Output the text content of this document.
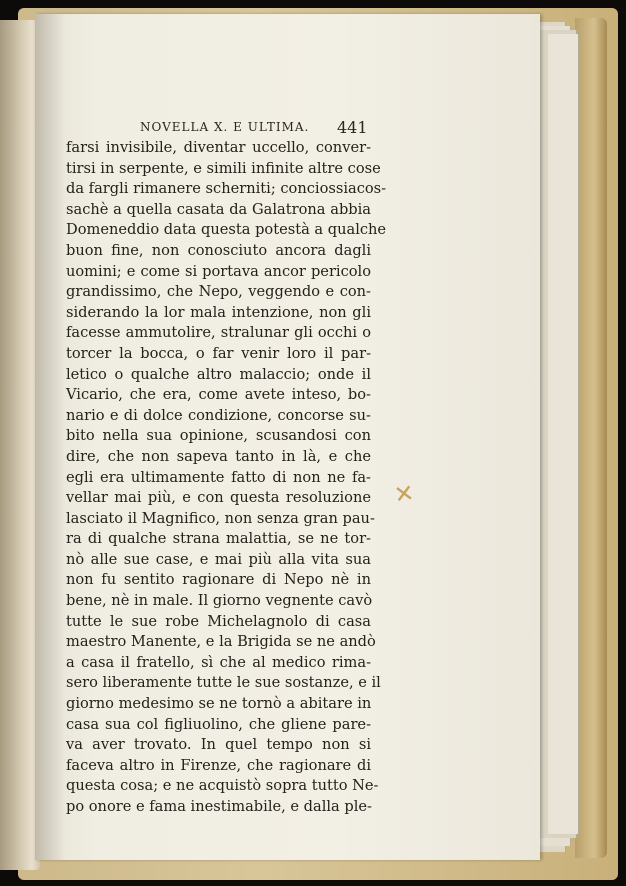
NOVELLA X. E ULTIMA.	441
farsi invisibile, diventar uccello, conver-
tirsi in serpente, e simili infinite altre cose
da fargli rimanere scherniti; conciossiacos-
sachè a quella casata da Galatrona abbia
Domeneddio data questa potestà a qualche
buon fine, non conosciuto ancora dagli
uomini; e come si portava ancor pericolo
grandissimo, che Nepo, veggendo e con-
siderando la lor mala intenzione, non gli
facesse ammutolire, stralunar gli occhi o
torcer la bocca, o far venir loro il par-
letico o qualche altro malaccio; onde il
Vicario, che era, come avete inteso, bo-
nario e di dolce condizione, concorse su-
bito nella sua opinione, scusandosi con
dire, che non sapeva tanto in là, e che
egli era ultimamente fatto di non ne fa-
vellar mai più, e con questa resoluzione
lasciato il Magnifico, non senza gran pau-
ra di qualche strana malattia, se ne tor-
nò alle sue case, e mai più alla vita sua
non fu sentito ragionare di Nepo nè in
bene, nè in male. Il giorno vegnente cavò
tutte le sue robe Michelagnolo di casa
maestro Manente, e la Brigida se ne andò
a casa il fratello, sì che al medico rima-
sero liberamente tutte le sue sostanze, e il
giorno medesimo se ne tornò a abitare in
casa sua col figliuolino, che gliene pare-
va aver trovato. In quel tempo non si
faceva altro in Firenze, che ragionare di
questa cosa; e ne acquistò sopra tutto Ne-
po onore e fama inestimabile, e dalla ple-
✕
